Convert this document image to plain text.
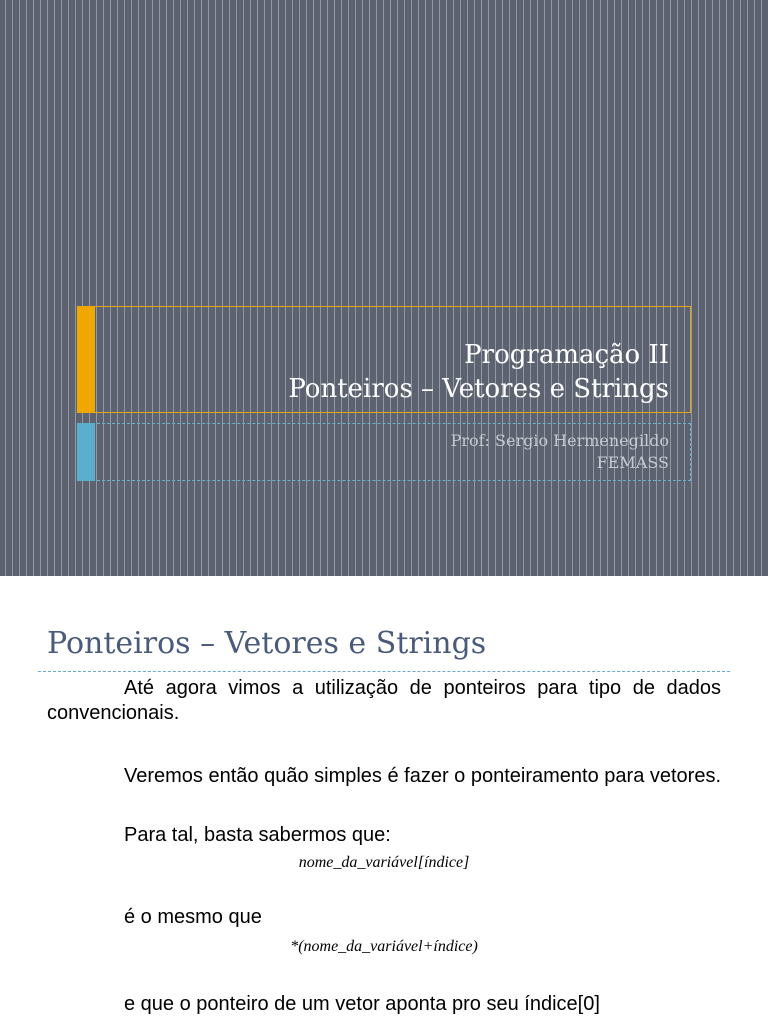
Programação II
Ponteiros – Vetores e Strings
Prof: Sergio Hermenegildo
FEMASS
Ponteiros – Vetores e Strings

Até agora vimos a utilização de ponteiros para tipo de dados convencionais.

Veremos então quão simples é fazer o ponteiramento para vetores.

Para tal, basta sabermos que:

nome_da_variável[índice]

é o mesmo que

*(nome_da_variável+índice)

e que o ponteiro de um vetor aponta pro seu índice[0]
